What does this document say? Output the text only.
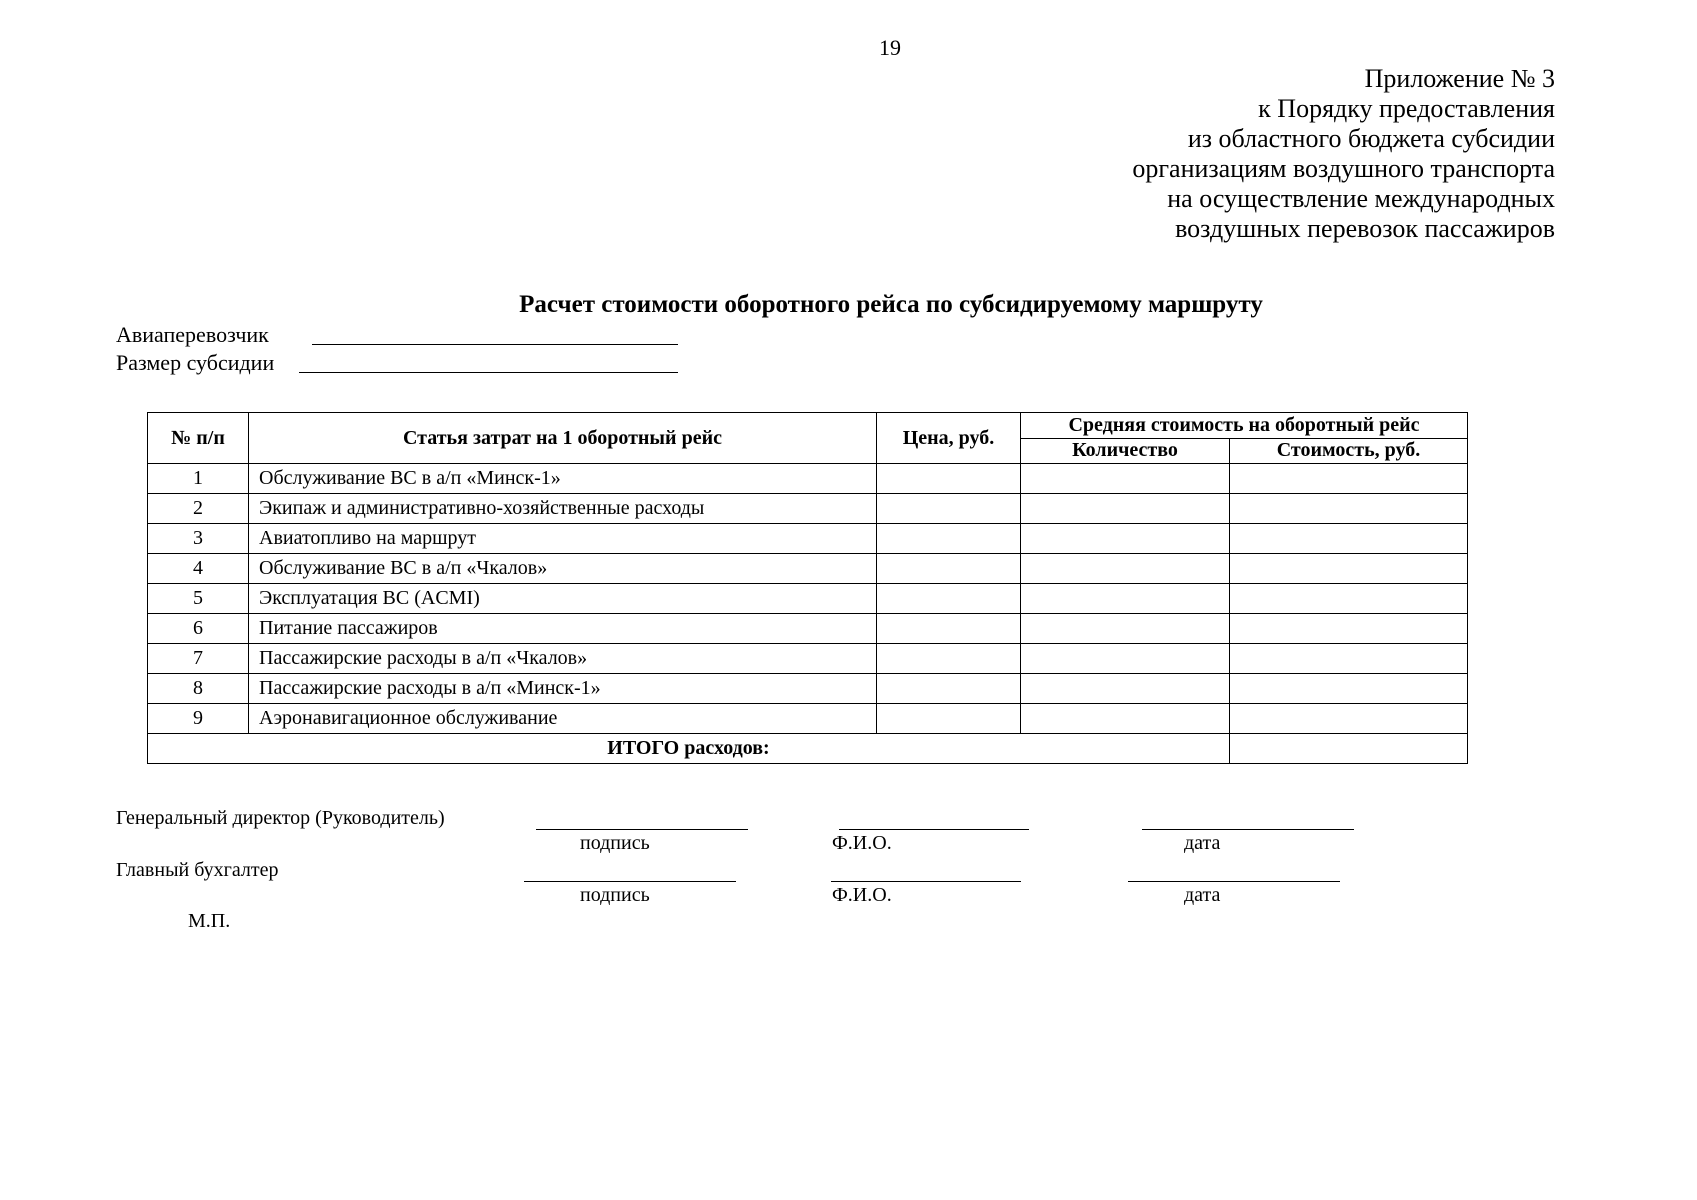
19
Приложение № 3
к Порядку предоставления
из областного бюджета субсидии
организациям воздушного транспорта
на осуществление международных
воздушных перевозок пассажиров
Расчет стоимости оборотного рейса по субсидируемому маршруту
Авиаперевозчик
Размер субсидии
№ п/п	Статья затрат на 1 оборотный рейс	Цена, руб.	Средняя стоимость на оборотный рейс	
			Количество	Стоимость, руб.
1	Обслуживание ВС в а/п «Минск-1»			
2	Экипаж и административно-хозяйственные расходы			
3	Авиатопливо на маршрут			
4	Обслуживание ВС в а/п «Чкалов»			
5	Эксплуатация ВС (ACMI)			
6	Питание пассажиров			
7	Пассажирские расходы в а/п «Чкалов»			
8	Пассажирские расходы в а/п «Минск-1»			
9	Аэронавигационное обслуживание			
ИТОГО расходов:				
Генеральный директор (Руководитель)
подпись	Ф.И.О.	дата
Главный бухгалтер
подпись	Ф.И.О.	дата
М.П.
